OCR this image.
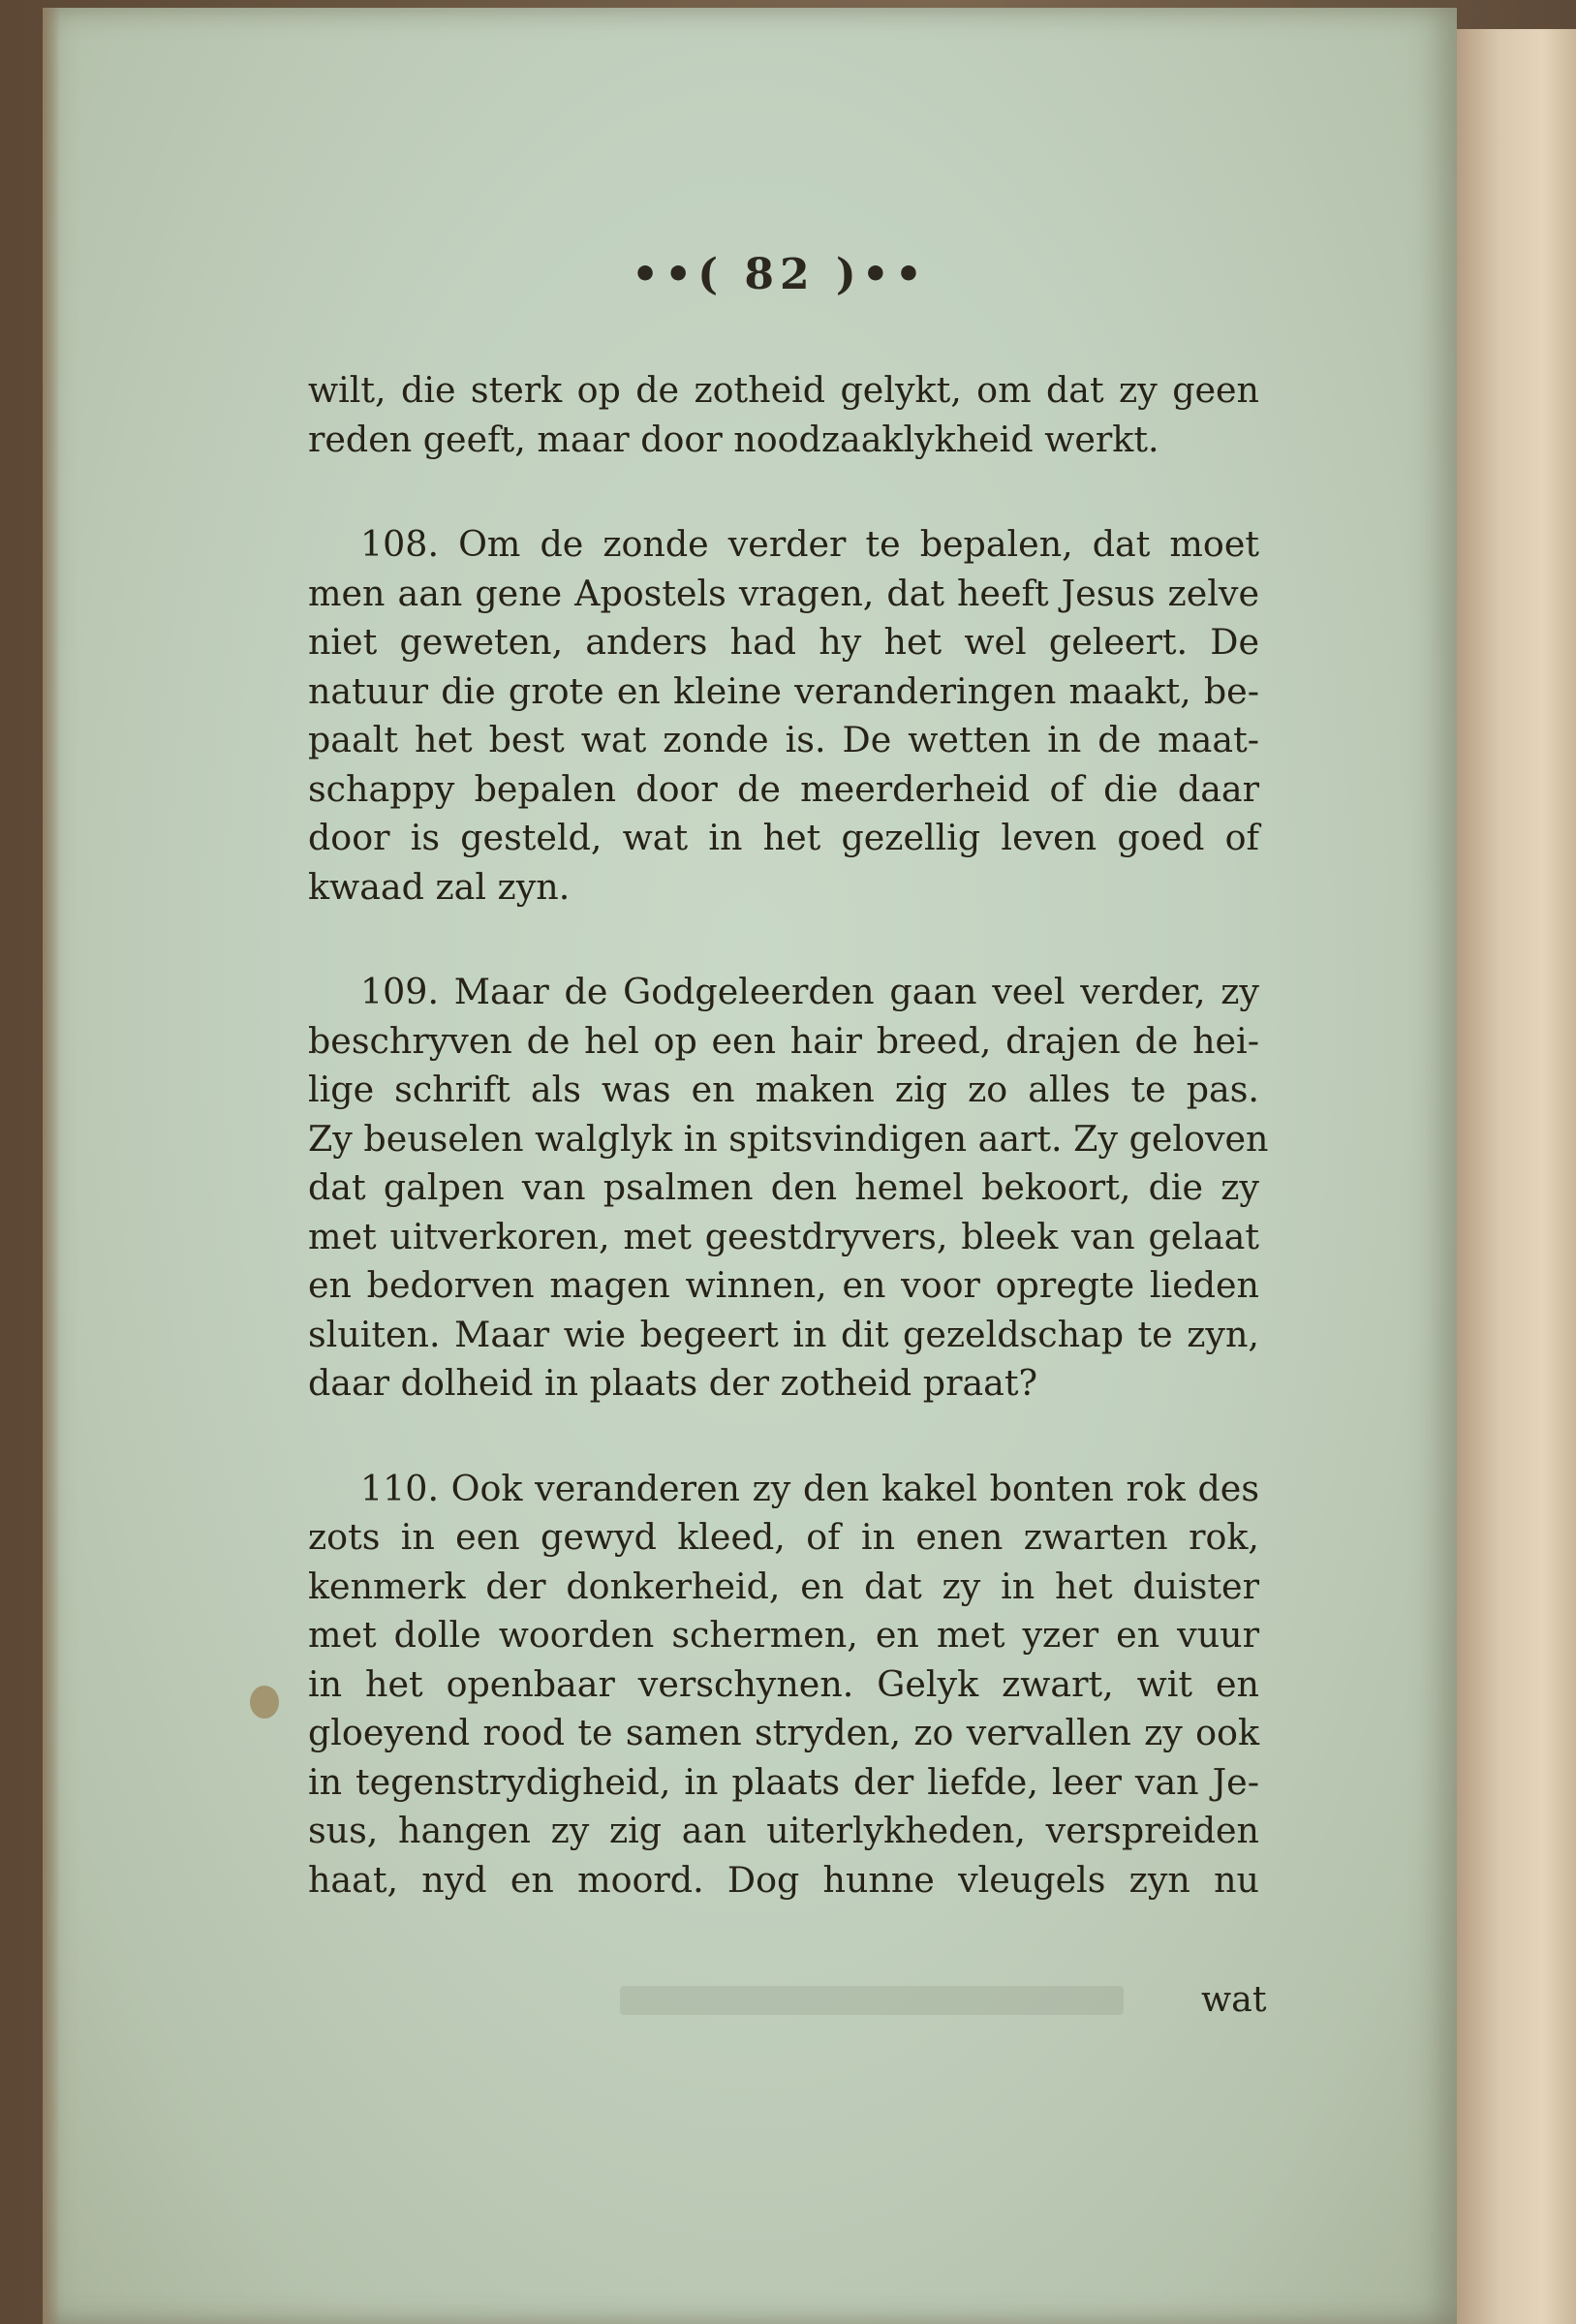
••( 82 )••
wilt, die sterk op de zotheid gelykt, om dat zy geen
reden geeft, maar door noodzaaklykheid werkt.
108. Om de zonde verder te bepalen, dat moet
men aan gene Apostels vragen, dat heeft Jesus zelve
niet geweten, anders had hy het wel geleert. De
natuur die grote en kleine veranderingen maakt, be-
paalt het best wat zonde is. De wetten in de maat-
schappy bepalen door de meerderheid of die daar
door is gesteld, wat in het gezellig leven goed of
kwaad zal zyn.
109. Maar de Godgeleerden gaan veel verder, zy
beschryven de hel op een hair breed, drajen de hei-
lige schrift als was en maken zig zo alles te pas.
Zy beuselen walglyk in spitsvindigen aart. Zy geloven
dat galpen van psalmen den hemel bekoort, die zy
met uitverkoren, met geestdryvers, bleek van gelaat
en bedorven magen winnen, en voor opregte lieden
sluiten. Maar wie begeert in dit gezeldschap te zyn,
daar dolheid in plaats der zotheid praat?
110. Ook veranderen zy den kakel bonten rok des
zots in een gewyd kleed, of in enen zwarten rok,
kenmerk der donkerheid, en dat zy in het duister
met dolle woorden schermen, en met yzer en vuur
in het openbaar verschynen. Gelyk zwart, wit en
gloeyend rood te samen stryden, zo vervallen zy ook
in tegenstrydigheid, in plaats der liefde, leer van Je-
sus, hangen zy zig aan uiterlykheden, verspreiden
haat, nyd en moord. Dog hunne vleugels zyn nu
wat
